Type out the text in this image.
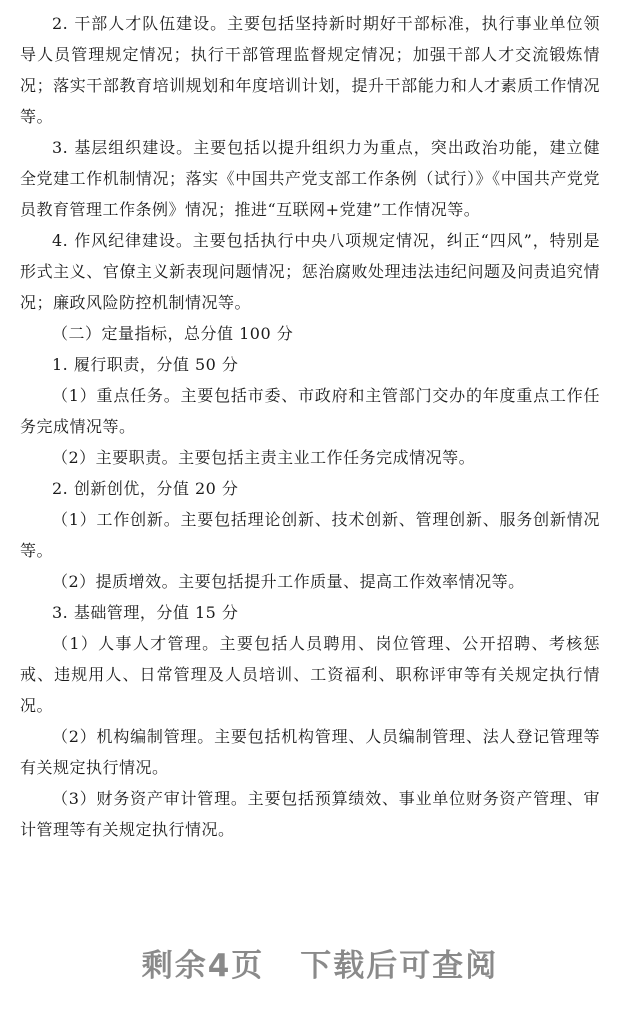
2. 干部人才队伍建设。主要包括坚持新时期好干部标准，执行事业单位领导人员管理规定情况；执行干部管理监督规定情况；加强干部人才交流锻炼情况；落实干部教育培训规划和年度培训计划，提升干部能力和人才素质工作情况等。

3. 基层组织建设。主要包括以提升组织力为重点，突出政治功能，建立健全党建工作机制情况；落实《中国共产党支部工作条例（试行）》《中国共产党党员教育管理工作条例》情况；推进“互联网+党建”工作情况等。

4. 作风纪律建设。主要包括执行中央八项规定情况，纠正“四风”，特别是形式主义、官僚主义新表现问题情况；惩治腐败处理违法违纪问题及问责追究情况；廉政风险防控机制情况等。

（二）定量指标，总分值 100 分

1. 履行职责，分值 50 分

（1）重点任务。主要包括市委、市政府和主管部门交办的年度重点工作任务完成情况等。

（2）主要职责。主要包括主责主业工作任务完成情况等。

2. 创新创优，分值 20 分

（1）工作创新。主要包括理论创新、技术创新、管理创新、服务创新情况等。

（2）提质增效。主要包括提升工作质量、提高工作效率情况等。

3. 基础管理，分值 15 分

（1）人事人才管理。主要包括人员聘用、岗位管理、公开招聘、考核惩戒、违规用人、日常管理及人员培训、工资福利、职称评审等有关规定执行情况。

（2）机构编制管理。主要包括机构管理、人员编制管理、法人登记管理等有关规定执行情况。

（3）财务资产审计管理。主要包括预算绩效、事业单位财务资产管理、审计管理等有关规定执行情况。

剩余4页 下载后可查阅
